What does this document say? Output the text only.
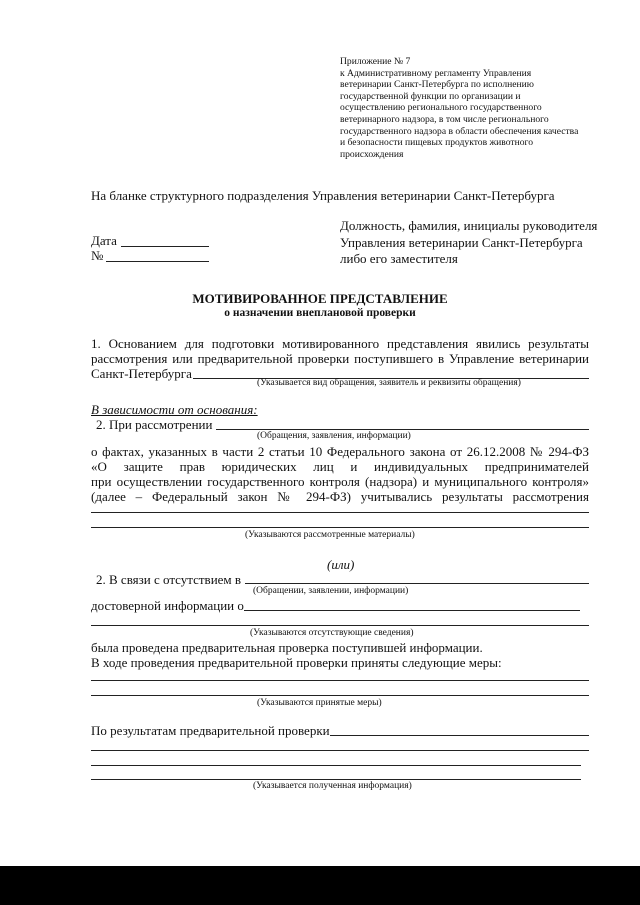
Приложение № 7
к Административному регламенту Управления
ветеринарии Санкт-Петербурга по исполнению
государственной функции по организации и
осуществлению регионального государственного
ветеринарного надзора, в том числе регионального
государственного надзора в области обеспечения качества
и безопасности пищевых продуктов животного
происхождения
На бланке структурного подразделения Управления ветеринарии Санкт-Петербурга
Должность, фамилия, инициалы руководителя
Управления ветеринарии Санкт-Петербурга
либо его заместителя
Дата
№
МОТИВИРОВАННОЕ ПРЕДСТАВЛЕНИЕ
о назначении внеплановой проверки
1. Основанием для подготовки мотивированного представления явились результаты
рассмотрения или предварительной проверки поступившего в Управление ветеринарии
Санкт-Петербурга
(Указывается вид обращения, заявитель и реквизиты обращения)
В зависимости от основания:
2. При рассмотрении
(Обращения, заявления, информации)
о фактах, указанных в части 2 статьи 10 Федерального закона от 26.12.2008 № 294-ФЗ
«О защите прав юридических лиц и индивидуальных предпринимателей
при осуществлении государственного контроля (надзора) и муниципального контроля»
(далее – Федеральный закон № 294-ФЗ) учитывались результаты рассмотрения
(Указываются рассмотренные материалы)
(или)
2. В связи с отсутствием в
(Обращении, заявлении, информации)
достоверной информации о
(Указываются отсутствующие сведения)
была проведена предварительная проверка поступившей информации.
В ходе проведения предварительной проверки приняты следующие меры:
(Указываются принятые меры)
По результатам предварительной проверки
(Указывается полученная информация)
